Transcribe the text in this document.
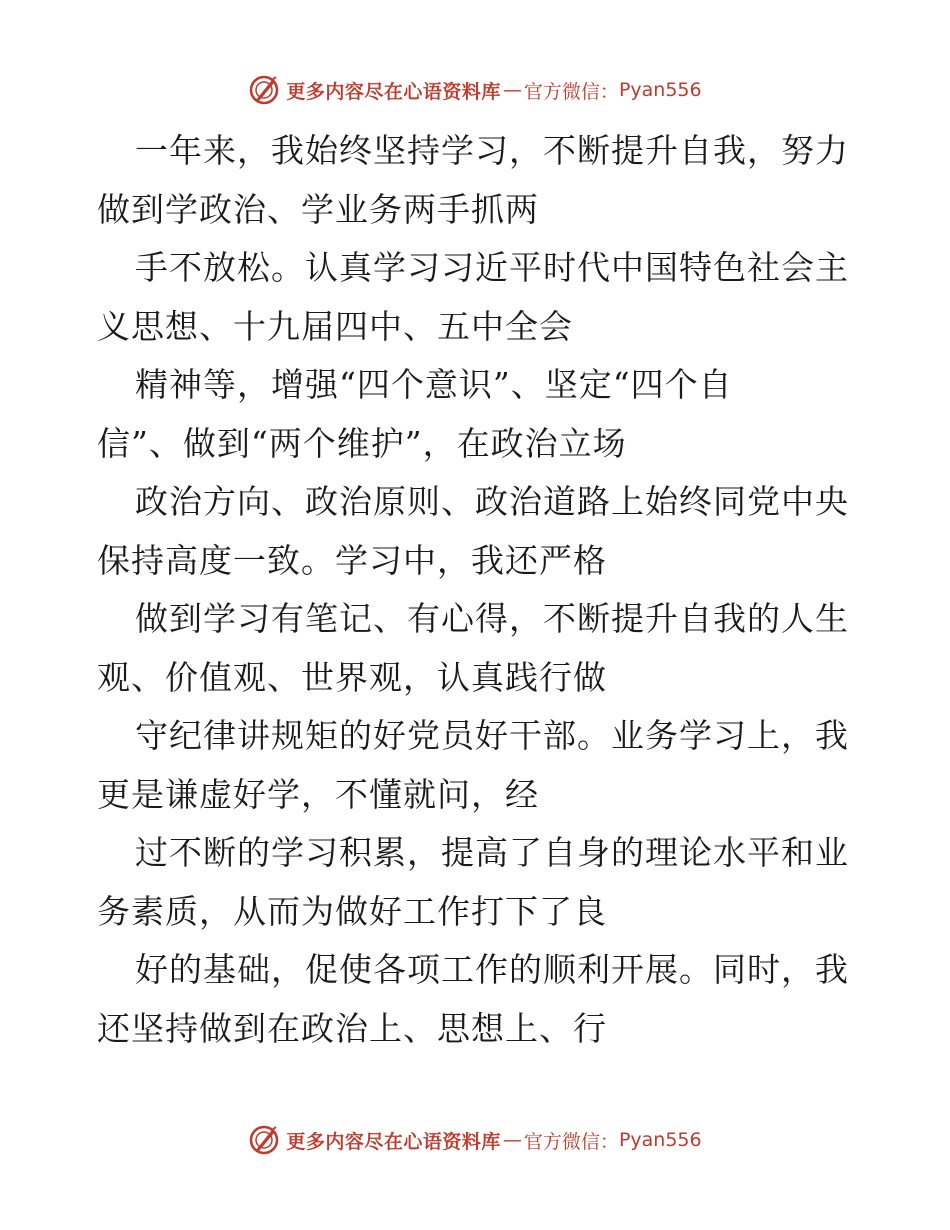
更多内容尽在心语资料库 — 官方微信： Pyan556
一年来，我始终坚持学习，不断提升自我，努力
做到学政治、学业务两手抓两
手不放松。认真学习习近平时代中国特色社会主
义思想、十九届四中、五中全会
精神等，增强“四个意识”、坚定“四个自
信”、做到“两个维护”，在政治立场
政治方向、政治原则、政治道路上始终同党中央
保持高度一致。学习中，我还严格
做到学习有笔记、有心得，不断提升自我的人生
观、价值观、世界观，认真践行做
守纪律讲规矩的好党员好干部。业务学习上，我
更是谦虚好学，不懂就问，经
过不断的学习积累，提高了自身的理论水平和业
务素质，从而为做好工作打下了良
好的基础，促使各项工作的顺利开展。同时，我
还坚持做到在政治上、思想上、行
更多内容尽在心语资料库 — 官方微信： Pyan556
